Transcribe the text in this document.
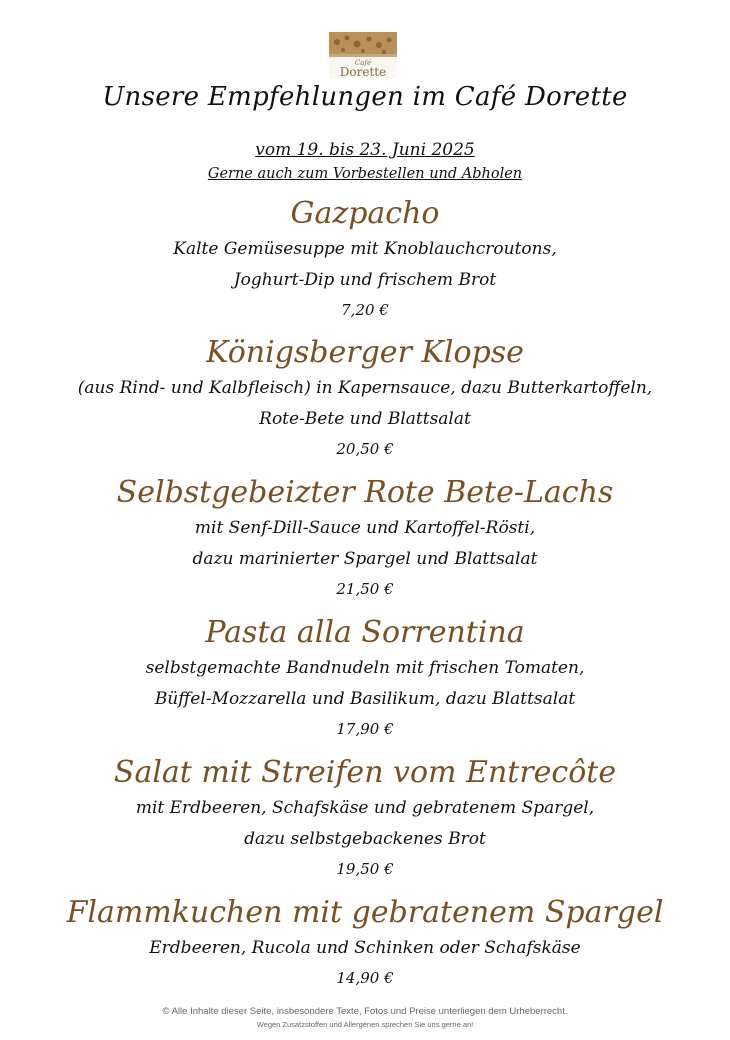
Café
Dorette
Unsere Empfehlungen im Café Dorette
vom 19. bis 23. Juni 2025
Gerne auch zum Vorbestellen und Abholen
Gazpacho
Kalte Gemüsesuppe mit Knoblauchcroutons,
Joghurt-Dip und frischem Brot
7,20 €
Königsberger Klopse
(aus Rind- und Kalbfleisch) in Kapernsauce, dazu Butterkartoffeln,
Rote-Bete und Blattsalat
20,50 €
Selbstgebeizter Rote Bete-Lachs
mit Senf-Dill-Sauce und Kartoffel-Rösti,
dazu marinierter Spargel und Blattsalat
21,50 €
Pasta alla Sorrentina
selbstgemachte Bandnudeln mit frischen Tomaten,
Büffel-Mozzarella und Basilikum, dazu Blattsalat
17,90 €
Salat mit Streifen vom Entrecôte
mit Erdbeeren, Schafskäse und gebratenem Spargel,
dazu selbstgebackenes Brot
19,50 €
Flammkuchen mit gebratenem Spargel
Erdbeeren, Rucola und Schinken oder Schafskäse
14,90 €
© Alle Inhalte dieser Seite, insbesondere Texte, Fotos und Preise unterliegen dem Urheberrecht.
Wegen Zusatzstoffen und Allergenen sprechen Sie uns gerne an!
